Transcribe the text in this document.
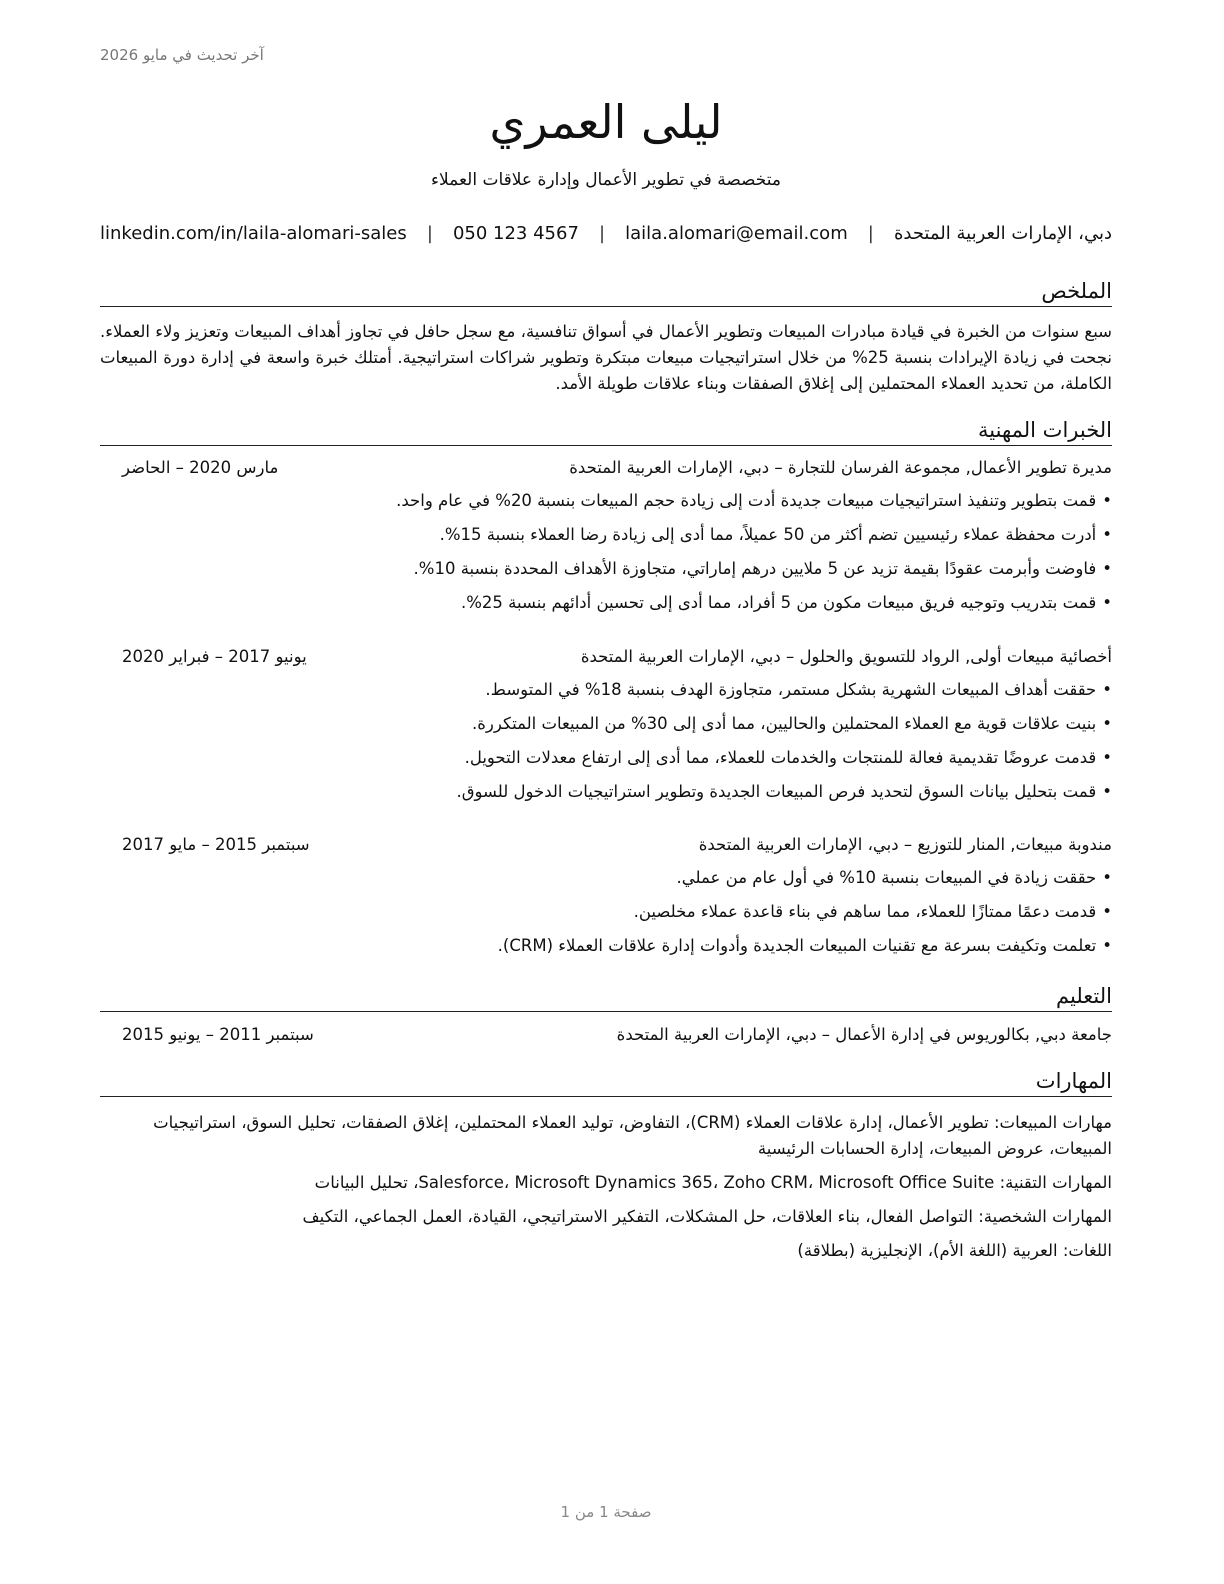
آخر تحديث في مايو 2026
ليلى العمري
متخصصة في تطوير الأعمال وإدارة علاقات العملاء
دبي، الإمارات العربية المتحدة
|
laila.alomari@email.com
|
050 123 4567
|
linkedin.com/in/laila-alomari-sales
الملخص
سبع سنوات من الخبرة في قيادة مبادرات المبيعات وتطوير الأعمال في أسواق تنافسية، مع سجل حافل في تجاوز أهداف المبيعات وتعزيز ولاء العملاء. نجحت في زيادة الإيرادات بنسبة 25% من خلال استراتيجيات مبيعات مبتكرة وتطوير شراكات استراتيجية. أمتلك خبرة واسعة في إدارة دورة المبيعات الكاملة، من تحديد العملاء المحتملين إلى إغلاق الصفقات وبناء علاقات طويلة الأمد.
الخبرات المهنية
مديرة تطوير الأعمال, مجموعة الفرسان للتجارة – دبي، الإمارات العربية المتحدة
مارس 2020 – الحاضر
• قمت بتطوير وتنفيذ استراتيجيات مبيعات جديدة أدت إلى زيادة حجم المبيعات بنسبة 20% في عام واحد.
• أدرت محفظة عملاء رئيسيين تضم أكثر من 50 عميلاً، مما أدى إلى زيادة رضا العملاء بنسبة 15%.
• فاوضت وأبرمت عقودًا بقيمة تزيد عن 5 ملايين درهم إماراتي، متجاوزة الأهداف المحددة بنسبة 10%.
• قمت بتدريب وتوجيه فريق مبيعات مكون من 5 أفراد، مما أدى إلى تحسين أدائهم بنسبة 25%.
أخصائية مبيعات أولى, الرواد للتسويق والحلول – دبي، الإمارات العربية المتحدة
يونيو 2017 – فبراير 2020
• حققت أهداف المبيعات الشهرية بشكل مستمر، متجاوزة الهدف بنسبة 18% في المتوسط.
• بنيت علاقات قوية مع العملاء المحتملين والحاليين، مما أدى إلى 30% من المبيعات المتكررة.
• قدمت عروضًا تقديمية فعالة للمنتجات والخدمات للعملاء، مما أدى إلى ارتفاع معدلات التحويل.
• قمت بتحليل بيانات السوق لتحديد فرص المبيعات الجديدة وتطوير استراتيجيات الدخول للسوق.
مندوبة مبيعات, المنار للتوزيع – دبي، الإمارات العربية المتحدة
سبتمبر 2015 – مايو 2017
• حققت زيادة في المبيعات بنسبة 10% في أول عام من عملي.
• قدمت دعمًا ممتازًا للعملاء، مما ساهم في بناء قاعدة عملاء مخلصين.
• تعلمت وتكيفت بسرعة مع تقنيات المبيعات الجديدة وأدوات إدارة علاقات العملاء (CRM).
التعليم
جامعة دبي, بكالوريوس في إدارة الأعمال – دبي، الإمارات العربية المتحدة
سبتمبر 2011 – يونيو 2015
المهارات
مهارات المبيعات: تطوير الأعمال، إدارة علاقات العملاء (CRM)، التفاوض، توليد العملاء المحتملين، إغلاق الصفقات، تحليل السوق، استراتيجيات المبيعات، عروض المبيعات، إدارة الحسابات الرئيسية
المهارات التقنية: Salesforce، Microsoft Dynamics 365، Zoho CRM، Microsoft Office Suite، تحليل البيانات
المهارات الشخصية: التواصل الفعال، بناء العلاقات، حل المشكلات، التفكير الاستراتيجي، القيادة، العمل الجماعي، التكيف
اللغات: العربية (اللغة الأم)، الإنجليزية (بطلاقة)
صفحة 1 من 1
